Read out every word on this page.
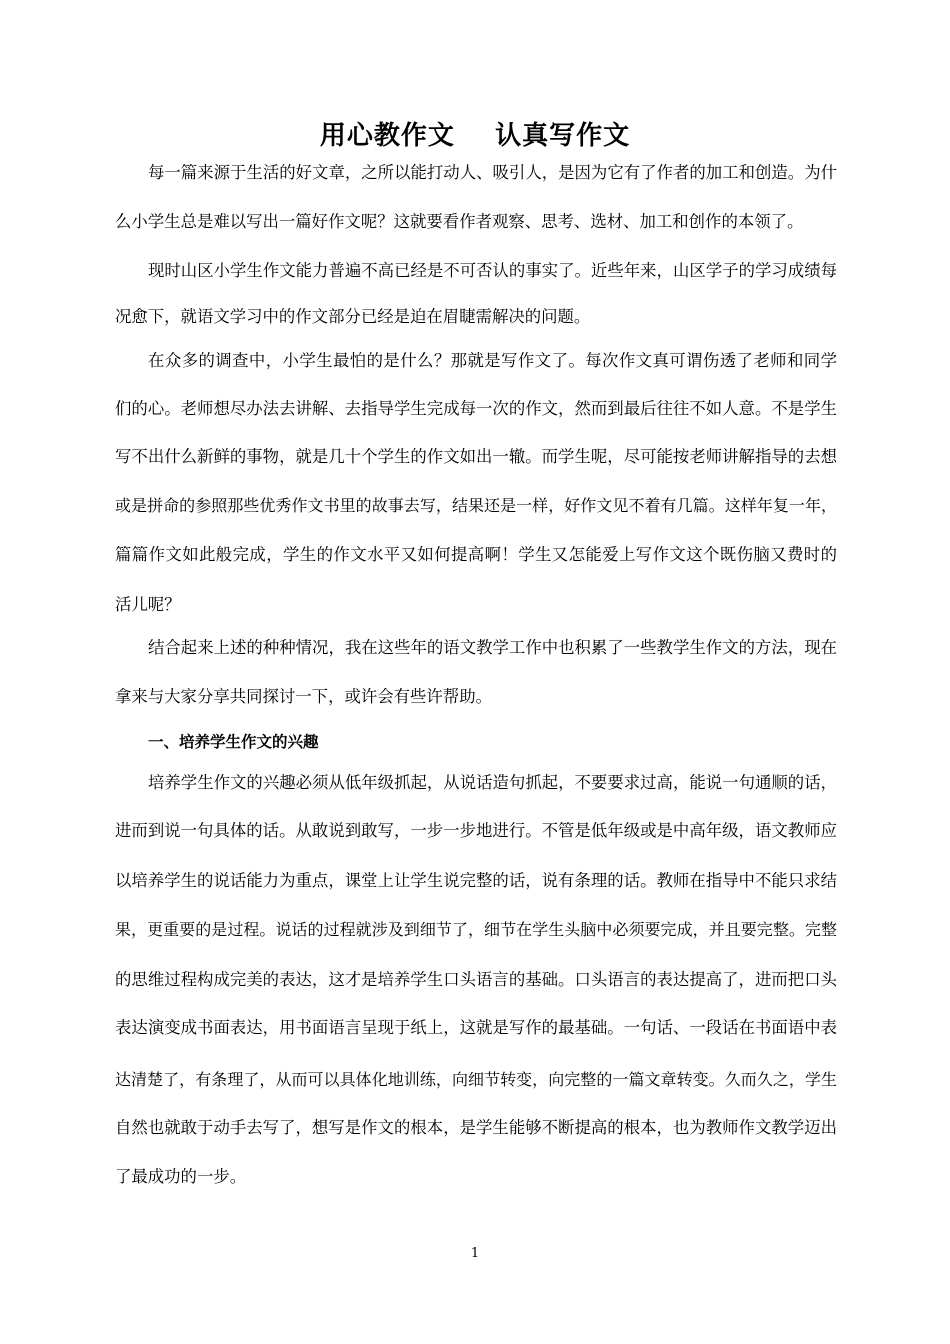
用心教作文    认真写作文
每一篇来源于生活的好文章，之所以能打动人、吸引人，是因为它有了作者的加工和创造。为什
么小学生总是难以写出一篇好作文呢？这就要看作者观察、思考、选材、加工和创作的本领了。
现时山区小学生作文能力普遍不高已经是不可否认的事实了。近些年来，山区学子的学习成绩每
况愈下，就语文学习中的作文部分已经是迫在眉睫需解决的问题。
在众多的调查中，小学生最怕的是什么？那就是写作文了。每次作文真可谓伤透了老师和同学
们的心。老师想尽办法去讲解、去指导学生完成每一次的作文，然而到最后往往不如人意。不是学生
写不出什么新鲜的事物，就是几十个学生的作文如出一辙。而学生呢，尽可能按老师讲解指导的去想
或是拼命的参照那些优秀作文书里的故事去写，结果还是一样，好作文见不着有几篇。这样年复一年，
篇篇作文如此般完成，学生的作文水平又如何提高啊！学生又怎能爱上写作文这个既伤脑又费时的
活儿呢？
结合起来上述的种种情况，我在这些年的语文教学工作中也积累了一些教学生作文的方法，现在
拿来与大家分享共同探讨一下，或许会有些许帮助。
一、培养学生作文的兴趣
培养学生作文的兴趣必须从低年级抓起，从说话造句抓起，不要要求过高，能说一句通顺的话，
进而到说一句具体的话。从敢说到敢写，一步一步地进行。不管是低年级或是中高年级，语文教师应
以培养学生的说话能力为重点，课堂上让学生说完整的话，说有条理的话。教师在指导中不能只求结
果，更重要的是过程。说话的过程就涉及到细节了，细节在学生头脑中必须要完成，并且要完整。完整
的思维过程构成完美的表达，这才是培养学生口头语言的基础。口头语言的表达提高了，进而把口头
表达演变成书面表达，用书面语言呈现于纸上，这就是写作的最基础。一句话、一段话在书面语中表
达清楚了，有条理了，从而可以具体化地训练，向细节转变，向完整的一篇文章转变。久而久之，学生
自然也就敢于动手去写了，想写是作文的根本，是学生能够不断提高的根本，也为教师作文教学迈出
了最成功的一步。
1
